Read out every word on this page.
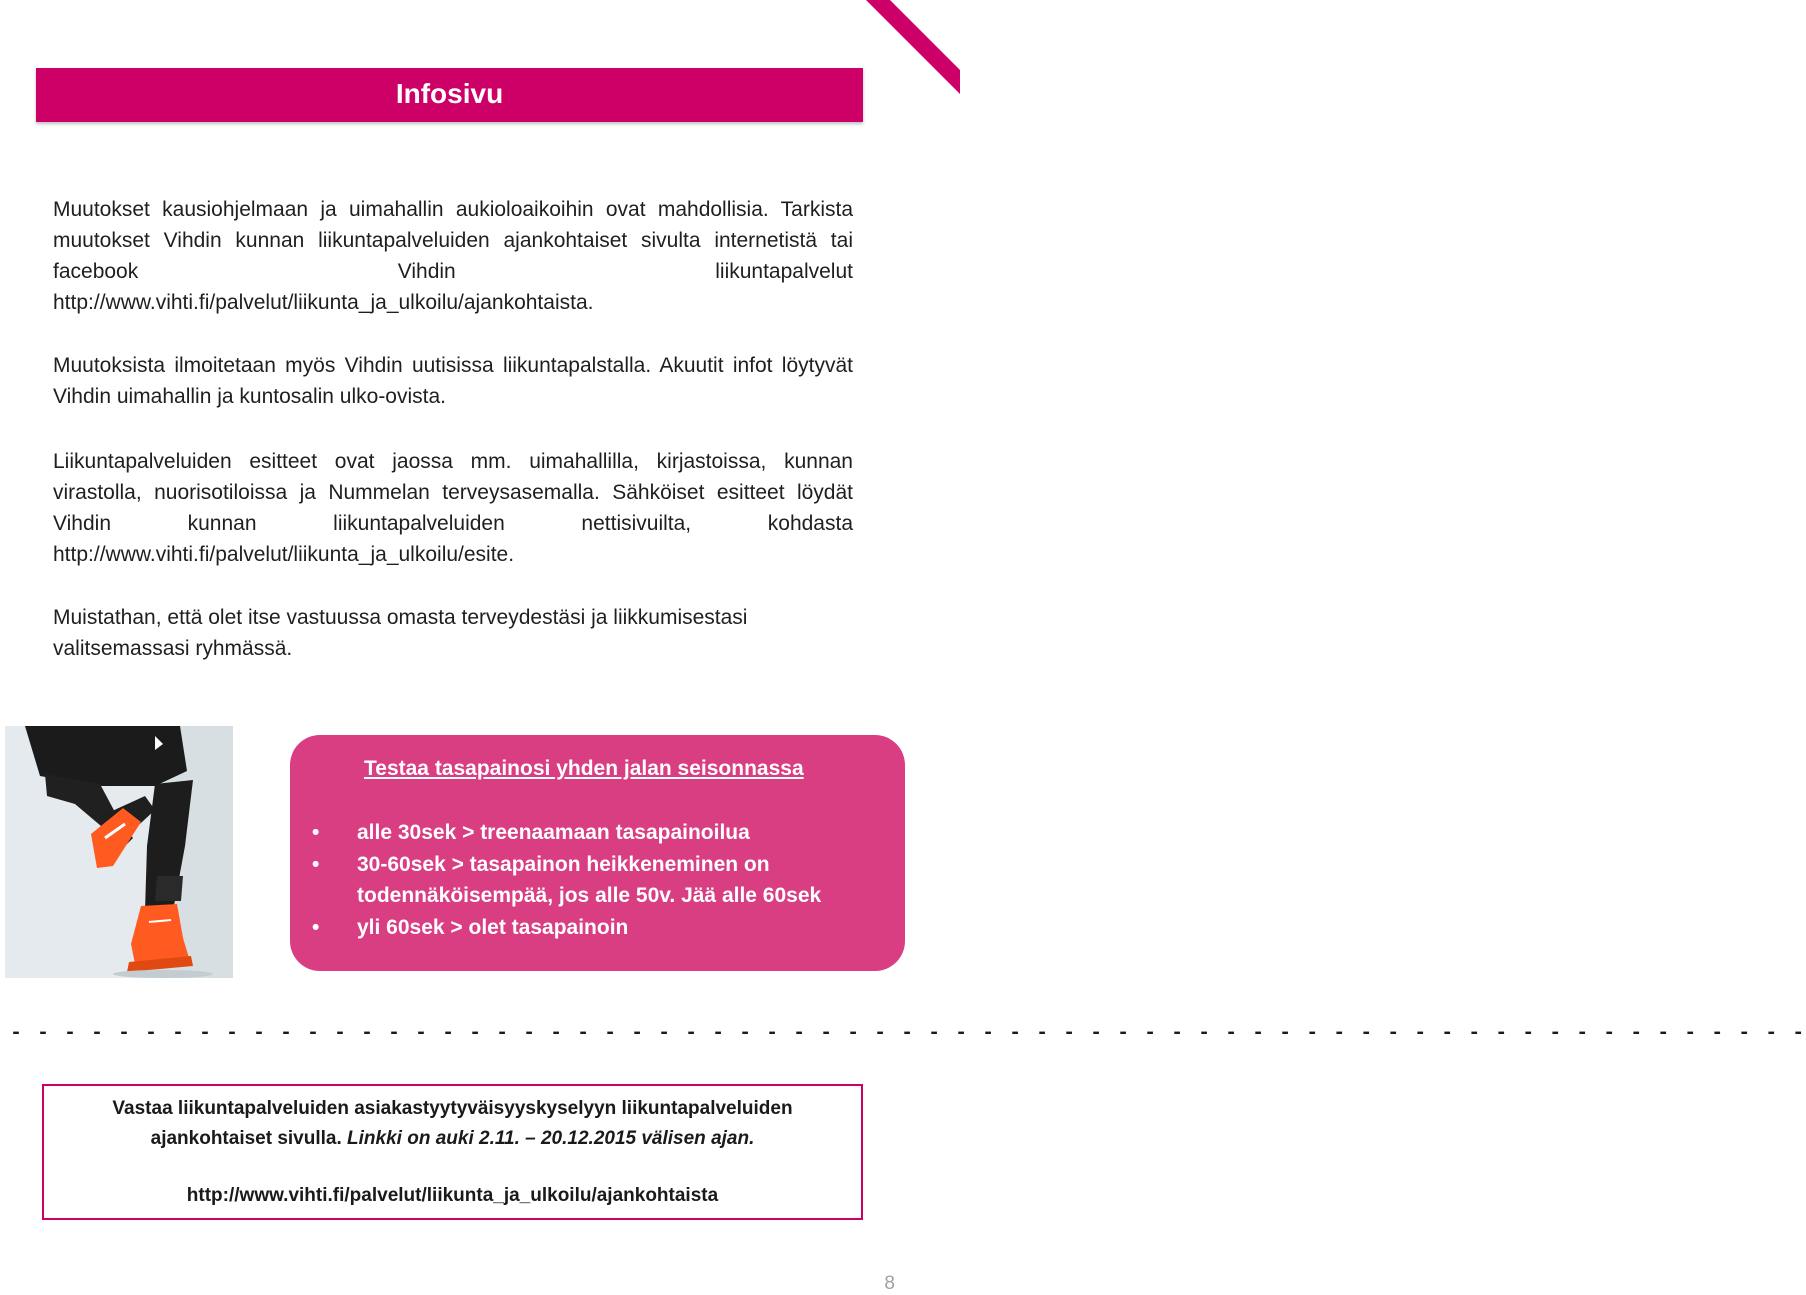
Infosivu
Muutokset kausiohjelmaan ja uimahallin aukioloaikoihin ovat mahdollisia. Tarkista muutokset Vihdin kunnan liikuntapalveluiden ajankohtaiset sivulta internetistä tai facebook Vihdin liikuntapalvelut http://www.vihti.fi/palvelut/liikunta_ja_ulkoilu/ajankohtaista.
Muutoksista ilmoitetaan myös Vihdin uutisissa liikuntapalstalla. Akuutit infot löytyvät Vihdin uimahallin ja kuntosalin ulko-ovista.
Liikuntapalveluiden esitteet ovat jaossa mm. uimahallilla, kirjastoissa, kunnan virastolla, nuorisotiloissa ja Nummelan terveysasemalla. Sähköiset esitteet löydät Vihdin kunnan liikuntapalveluiden nettisivuilta, kohdasta http://www.vihti.fi/palvelut/liikunta_ja_ulkoilu/esite.
Muistathan, että olet itse vastuussa omasta terveydestäsi ja liikkumisestasi valitsemassasi ryhmässä.
Testaa tasapainosi yhden jalan seisonnassa
•	alle 30sek > treenaamaan tasapainoilua
•	30-60sek > tasapainon heikkeneminen on todennäköisempää, jos alle 50v. Jää alle 60sek
•	yli 60sek > olet tasapainoin
- - - - - - - - - - - - - - - - - - - - - - - - - - - - - - - - - - - - - - - - - - - - - - - - - - - - - - - - - - - - - - - - - - -
Vastaa liikuntapalveluiden asiakastyytyväisyyskyselyyn liikuntapalveluiden
ajankohtaiset sivulla. Linkki on auki 2.11. – 20.12.2015 välisen ajan.
http://www.vihti.fi/palvelut/liikunta_ja_ulkoilu/ajankohtaista
8
